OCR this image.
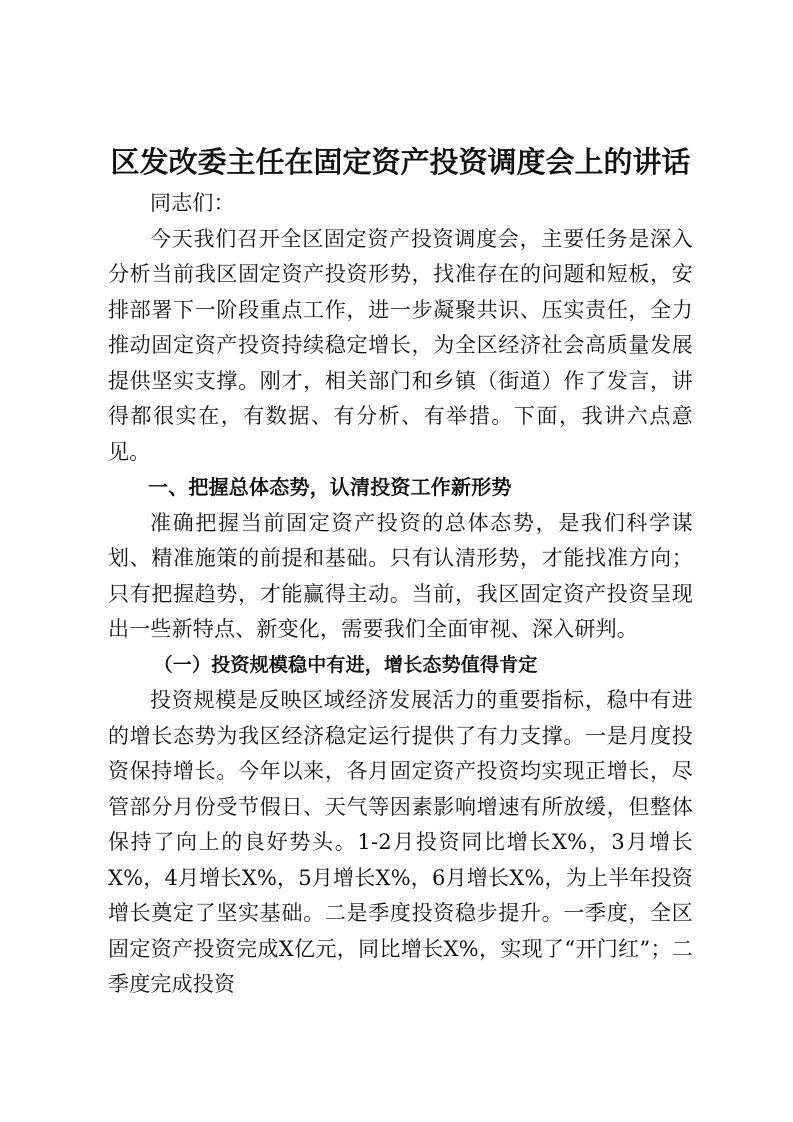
区发改委主任在固定资产投资调度会上的讲话

同志们：

今天我们召开全区固定资产投资调度会，主要任务是深入分析当前我区固定资产投资形势，找准存在的问题和短板，安排部署下一阶段重点工作，进一步凝聚共识、压实责任，全力推动固定资产投资持续稳定增长，为全区经济社会高质量发展提供坚实支撑。刚才，相关部门和乡镇（街道）作了发言，讲得都很实在，有数据、有分析、有举措。下面，我讲六点意见。

一、把握总体态势，认清投资工作新形势

准确把握当前固定资产投资的总体态势，是我们科学谋划、精准施策的前提和基础。只有认清形势，才能找准方向；只有把握趋势，才能赢得主动。当前，我区固定资产投资呈现出一些新特点、新变化，需要我们全面审视、深入研判。

（一）投资规模稳中有进，增长态势值得肯定

投资规模是反映区域经济发展活力的重要指标，稳中有进的增长态势为我区经济稳定运行提供了有力支撑。一是月度投资保持增长。今年以来，各月固定资产投资均实现正增长，尽管部分月份受节假日、天气等因素影响增速有所放缓，但整体保持了向上的良好势头。1-2月投资同比增长X%，3月增长X%，4月增长X%，5月增长X%，6月增长X%，为上半年投资增长奠定了坚实基础。二是季度投资稳步提升。一季度，全区固定资产投资完成X亿元，同比增长X%，实现了“开门红”；二季度完成投资
